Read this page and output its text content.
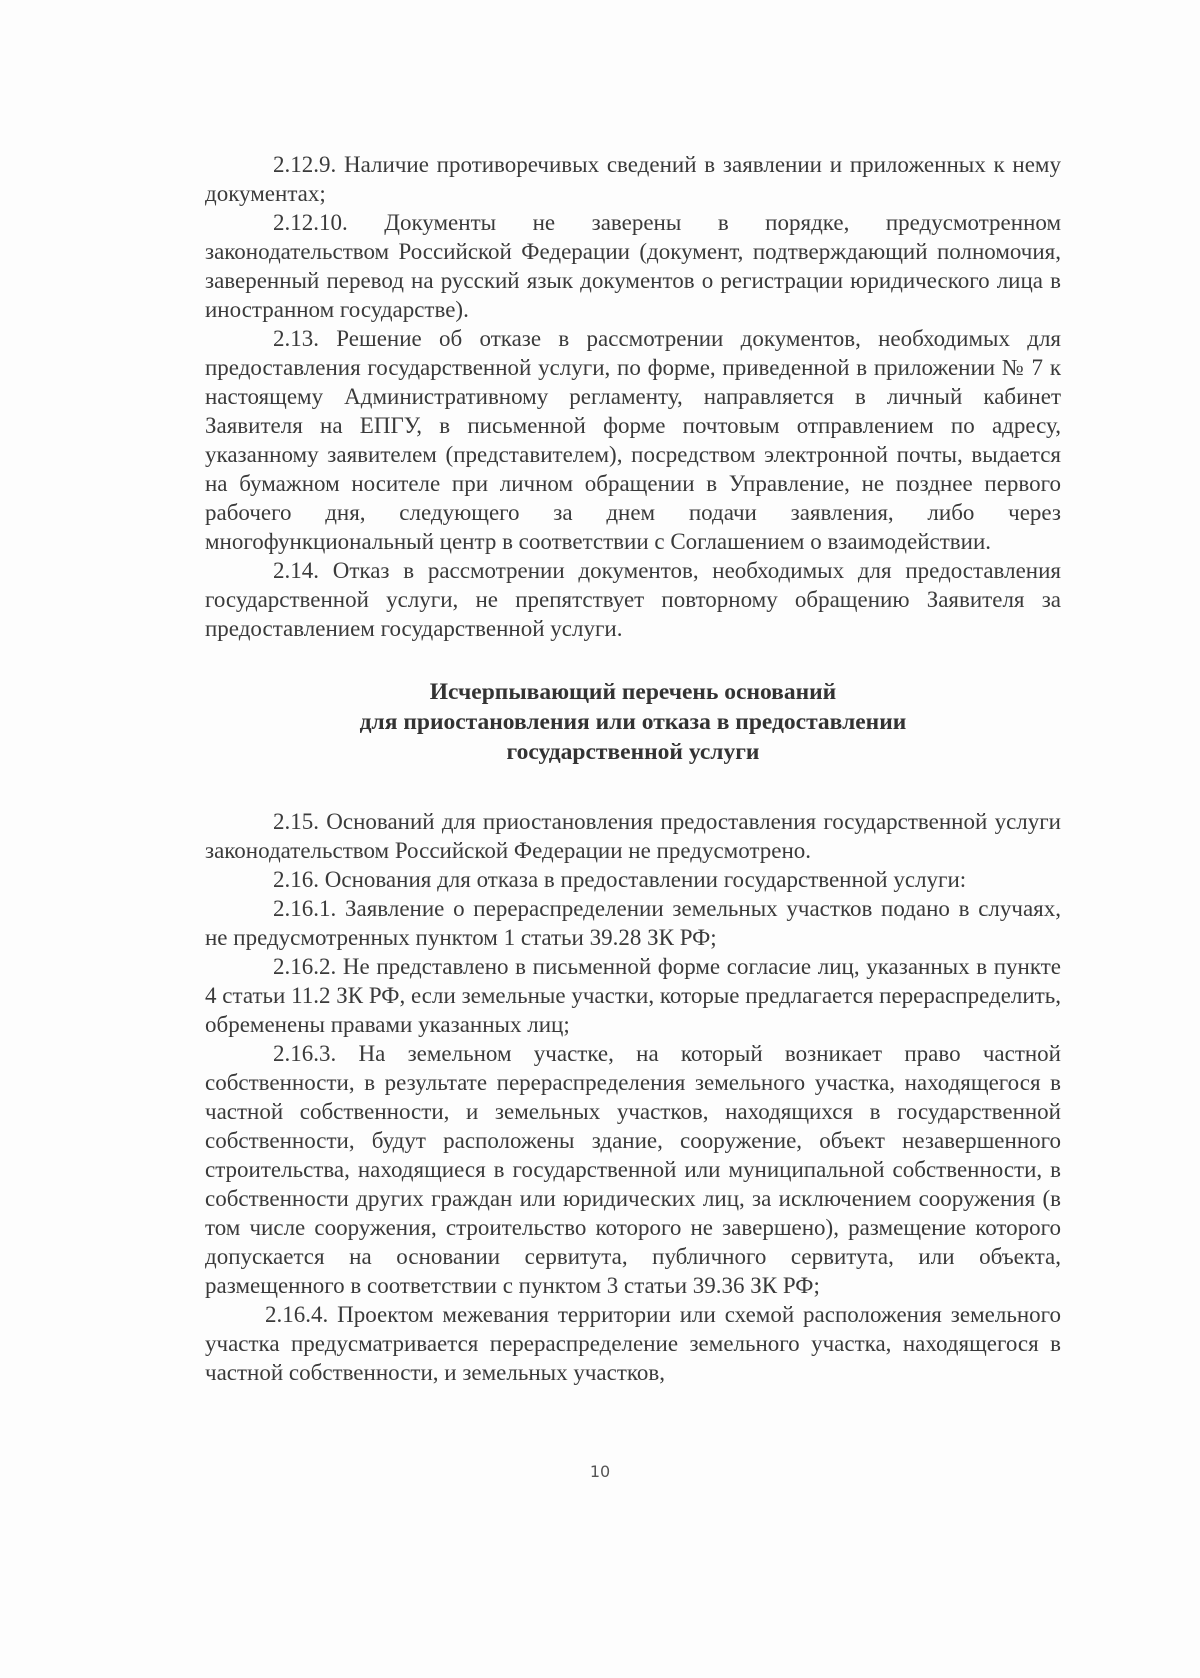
2.12.9. Наличие противоречивых сведений в заявлении и приложенных к нему документах;

2.12.10. Документы не заверены в порядке, предусмотренном законодательством Российской Федерации (документ, подтверждающий полномочия, заверенный перевод на русский язык документов о регистрации юридического лица в иностранном государстве).

2.13. Решение об отказе в рассмотрении документов, необходимых для предоставления государственной услуги, по форме, приведенной в приложении № 7 к настоящему Административному регламенту, направляется в личный кабинет Заявителя на ЕПГУ, в письменной форме почтовым отправлением по адресу, указанному заявителем (представителем), посредством электронной почты, выдается на бумажном носителе при личном обращении в Управление, не позднее первого рабочего дня, следующего за днем подачи заявления, либо через многофункциональный центр в соответствии с Соглашением о взаимодействии.

2.14. Отказ в рассмотрении документов, необходимых для предоставления государственной услуги, не препятствует повторному обращению Заявителя за предоставлением государственной услуги.

Исчерпывающий перечень оснований
для приостановления или отказа в предоставлении
государственной услуги

2.15. Оснований для приостановления предоставления государственной услуги законодательством Российской Федерации не предусмотрено.

2.16. Основания для отказа в предоставлении государственной услуги:

2.16.1. Заявление о перераспределении земельных участков подано в случаях, не предусмотренных пунктом 1 статьи 39.28 ЗК РФ;

2.16.2. Не представлено в письменной форме согласие лиц, указанных в пункте 4 статьи 11.2 ЗК РФ, если земельные участки, которые предлагается перераспределить, обременены правами указанных лиц;

2.16.3. На земельном участке, на который возникает право частной собственности, в результате перераспределения земельного участка, находящегося в частной собственности, и земельных участков, находящихся в государственной собственности, будут расположены здание, сооружение, объект незавершенного строительства, находящиеся в государственной или муниципальной собственности, в собственности других граждан или юридических лиц, за исключением сооружения (в том числе сооружения, строительство которого не завершено), размещение которого допускается на основании сервитута, публичного сервитута, или объекта, размещенного в соответствии с пунктом 3 статьи 39.36 ЗК РФ;

2.16.4. Проектом межевания территории или схемой расположения земельного участка предусматривается перераспределение земельного участка, находящегося в частной собственности, и земельных участков,

10
